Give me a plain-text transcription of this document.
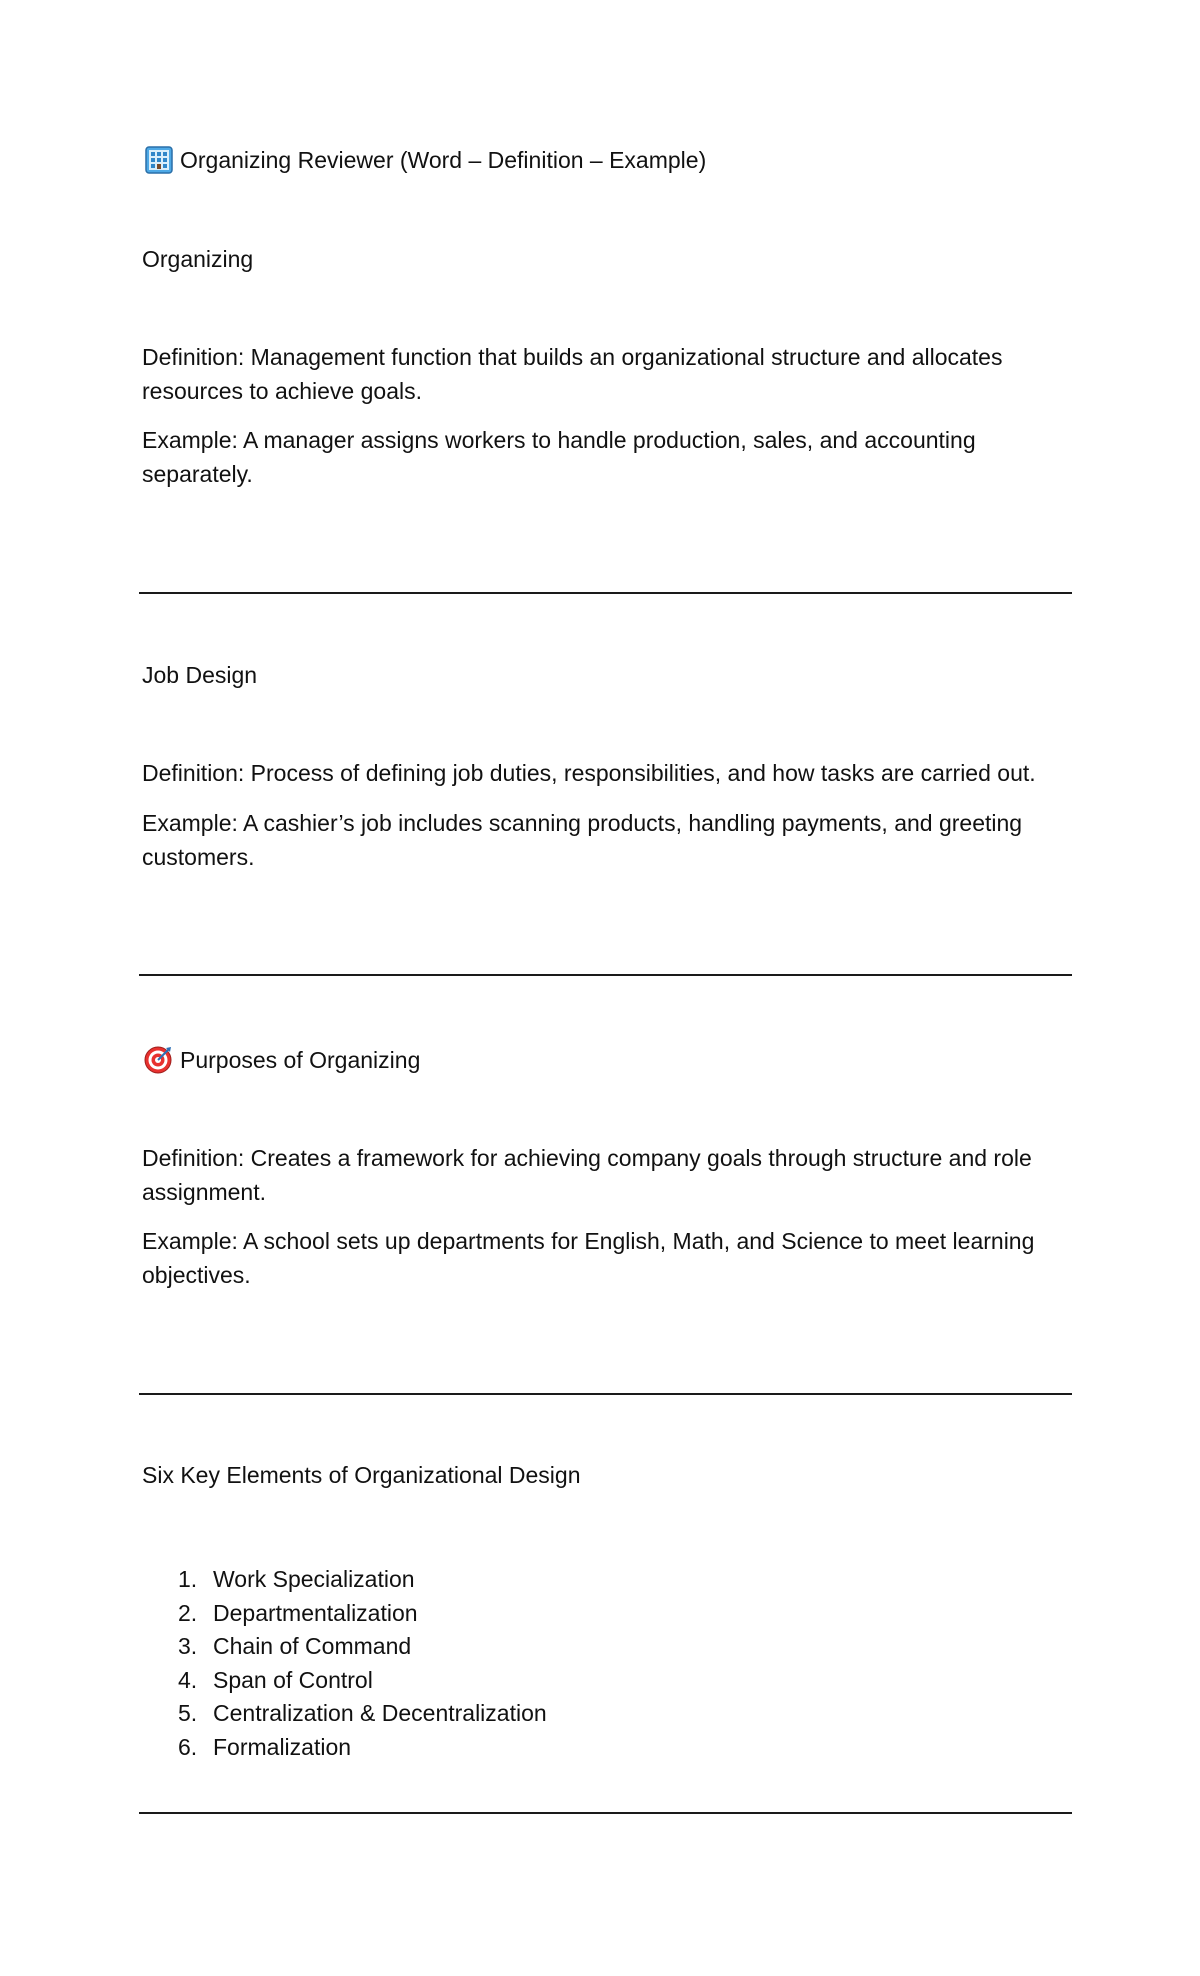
Organizing Reviewer (Word – Definition – Example)

Organizing

Definition: Management function that builds an organizational structure and allocates resources to achieve goals.

Example: A manager assigns workers to handle production, sales, and accounting separately.

Job Design

Definition: Process of defining job duties, responsibilities, and how tasks are carried out.

Example: A cashier’s job includes scanning products, handling payments, and greeting customers.

Purposes of Organizing

Definition: Creates a framework for achieving company goals through structure and role assignment.

Example: A school sets up departments for English, Math, and Science to meet learning objectives.

Six Key Elements of Organizational Design

1. Work Specialization
2. Departmentalization
3. Chain of Command
4. Span of Control
5. Centralization & Decentralization
6. Formalization
